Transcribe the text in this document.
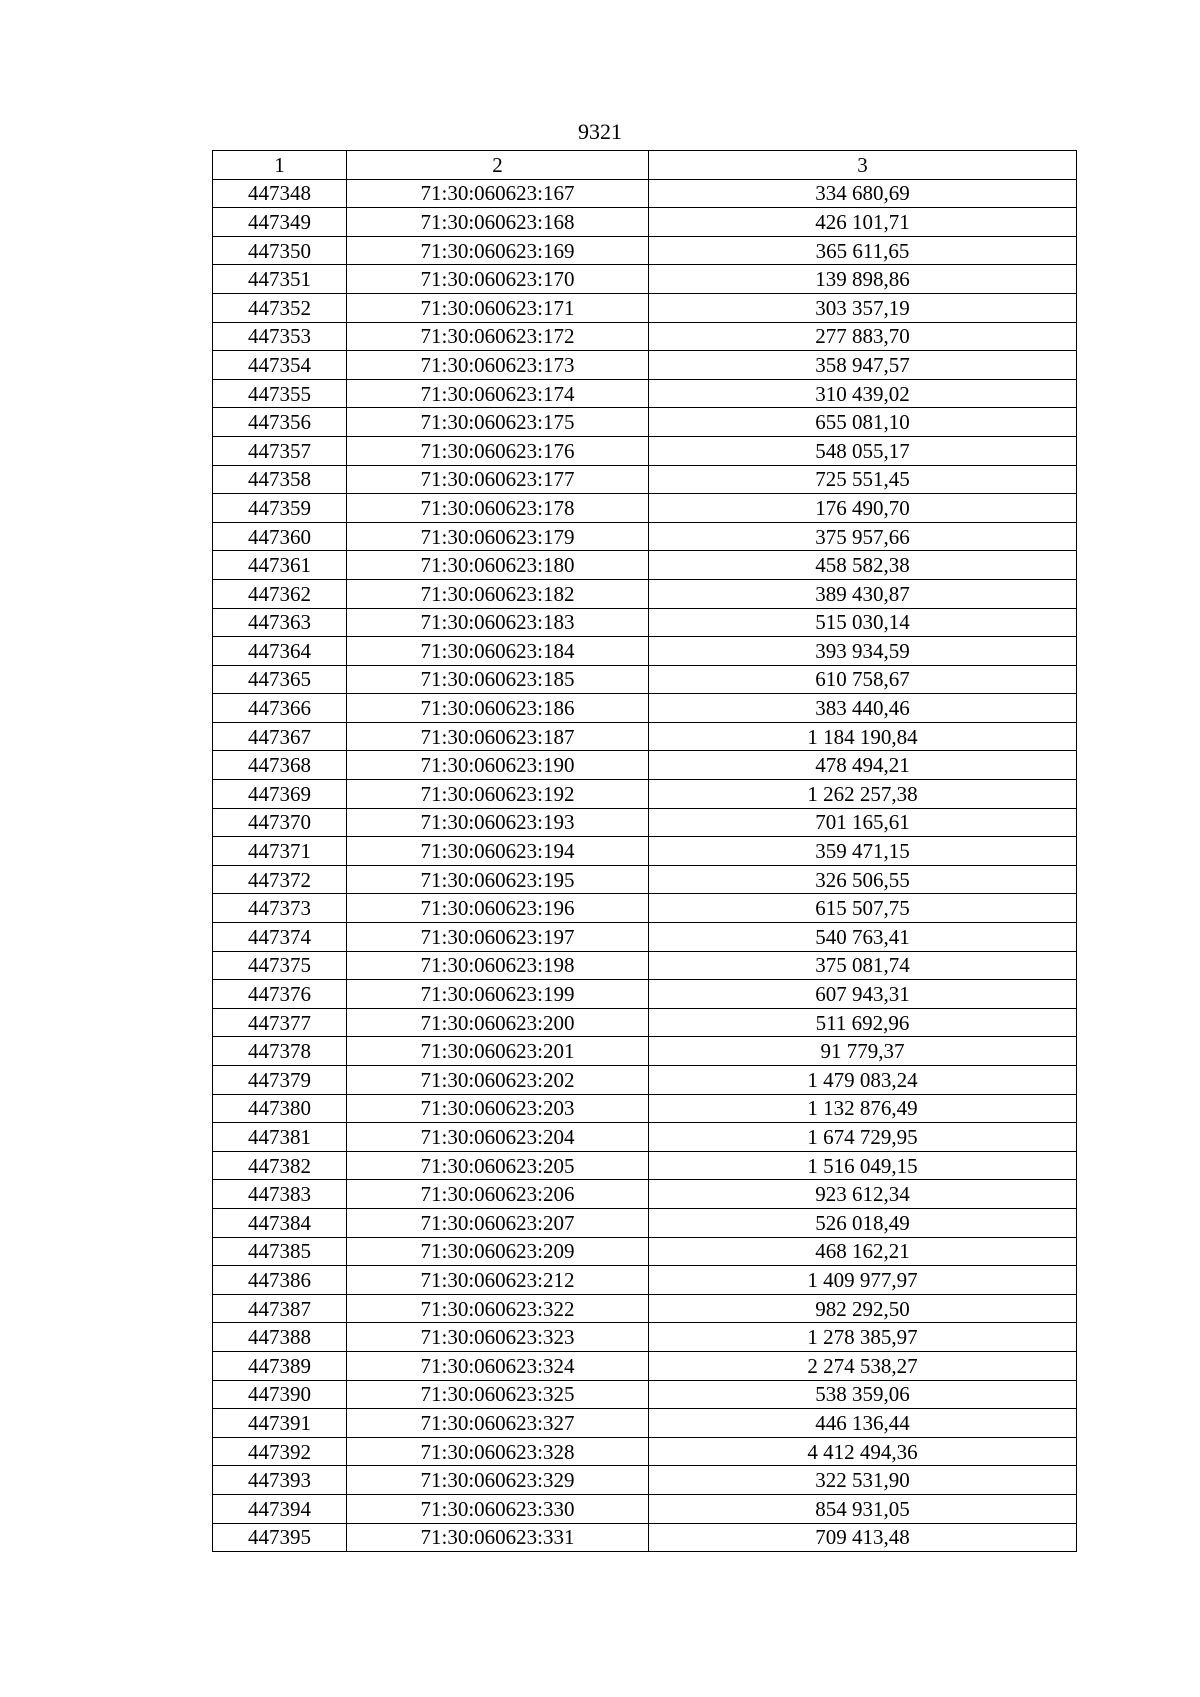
9321
1	2	3
447348	71:30:060623:167	334 680,69
447349	71:30:060623:168	426 101,71
447350	71:30:060623:169	365 611,65
447351	71:30:060623:170	139 898,86
447352	71:30:060623:171	303 357,19
447353	71:30:060623:172	277 883,70
447354	71:30:060623:173	358 947,57
447355	71:30:060623:174	310 439,02
447356	71:30:060623:175	655 081,10
447357	71:30:060623:176	548 055,17
447358	71:30:060623:177	725 551,45
447359	71:30:060623:178	176 490,70
447360	71:30:060623:179	375 957,66
447361	71:30:060623:180	458 582,38
447362	71:30:060623:182	389 430,87
447363	71:30:060623:183	515 030,14
447364	71:30:060623:184	393 934,59
447365	71:30:060623:185	610 758,67
447366	71:30:060623:186	383 440,46
447367	71:30:060623:187	1 184 190,84
447368	71:30:060623:190	478 494,21
447369	71:30:060623:192	1 262 257,38
447370	71:30:060623:193	701 165,61
447371	71:30:060623:194	359 471,15
447372	71:30:060623:195	326 506,55
447373	71:30:060623:196	615 507,75
447374	71:30:060623:197	540 763,41
447375	71:30:060623:198	375 081,74
447376	71:30:060623:199	607 943,31
447377	71:30:060623:200	511 692,96
447378	71:30:060623:201	91 779,37
447379	71:30:060623:202	1 479 083,24
447380	71:30:060623:203	1 132 876,49
447381	71:30:060623:204	1 674 729,95
447382	71:30:060623:205	1 516 049,15
447383	71:30:060623:206	923 612,34
447384	71:30:060623:207	526 018,49
447385	71:30:060623:209	468 162,21
447386	71:30:060623:212	1 409 977,97
447387	71:30:060623:322	982 292,50
447388	71:30:060623:323	1 278 385,97
447389	71:30:060623:324	2 274 538,27
447390	71:30:060623:325	538 359,06
447391	71:30:060623:327	446 136,44
447392	71:30:060623:328	4 412 494,36
447393	71:30:060623:329	322 531,90
447394	71:30:060623:330	854 931,05
447395	71:30:060623:331	709 413,48
